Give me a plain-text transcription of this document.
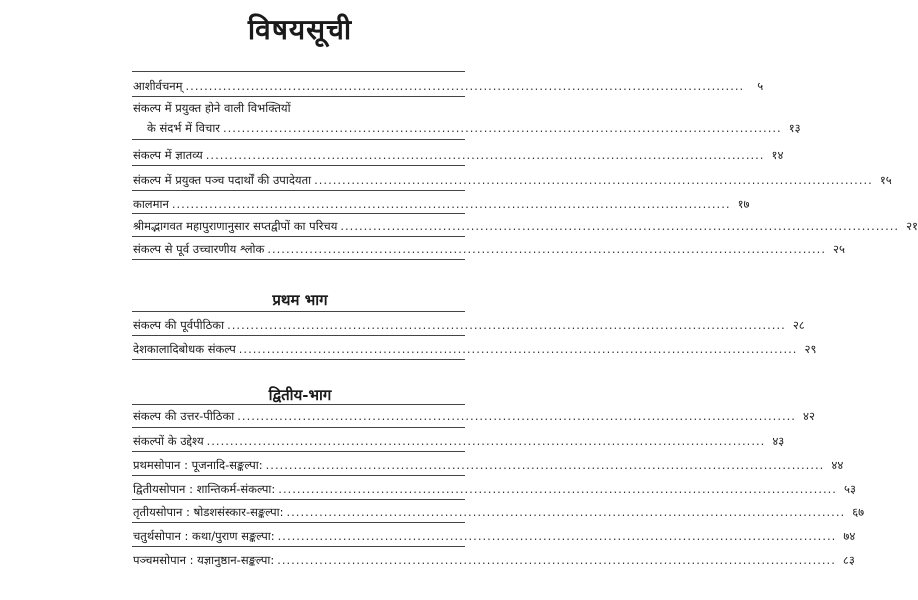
विषयसूची
आशीर्वचनम् ........................................................................................................................	५
संकल्प में प्रयुक्त होने वाली विभक्तियों
के संदर्भ में विचार ........................................................................................................................ १३
संकल्प में ज्ञातव्य ........................................................................................................................ १४
संकल्प में प्रयुक्त पञ्च पदार्थों की उपादेयता ........................................................................................................................ १५
कालमान ........................................................................................................................ १७
श्रीमद्भागवत महापुराणानुसार सप्तद्वीपों का परिचय ........................................................................................................................ २१
संकल्प से पूर्व उच्चारणीय श्लोक ........................................................................................................................ २५
प्रथम भाग
संकल्प की पूर्वपीठिका ........................................................................................................................ २८
देशकालादिबोधक संकल्प ........................................................................................................................ २९
द्वितीय-भाग
संकल्प की उत्तर-पीठिका ........................................................................................................................ ४२
संकल्पों के उद्देश्य ........................................................................................................................ ४३
प्रथमसोपान : पूजनादि-सङ्कल्पा: ........................................................................................................................ ४४
द्वितीयसोपान : शान्तिकर्म-संकल्पा: ........................................................................................................................ ५३
तृतीयसोपान : षोडशसंस्कार-सङ्कल्पा: ........................................................................................................................ ६७
चतुर्थसोपान : कथा/पुराण सङ्कल्पा: ........................................................................................................................ ७४
पञ्चमसोपान : यज्ञानुष्ठान-सङ्कल्पा: ........................................................................................................................ ८३
